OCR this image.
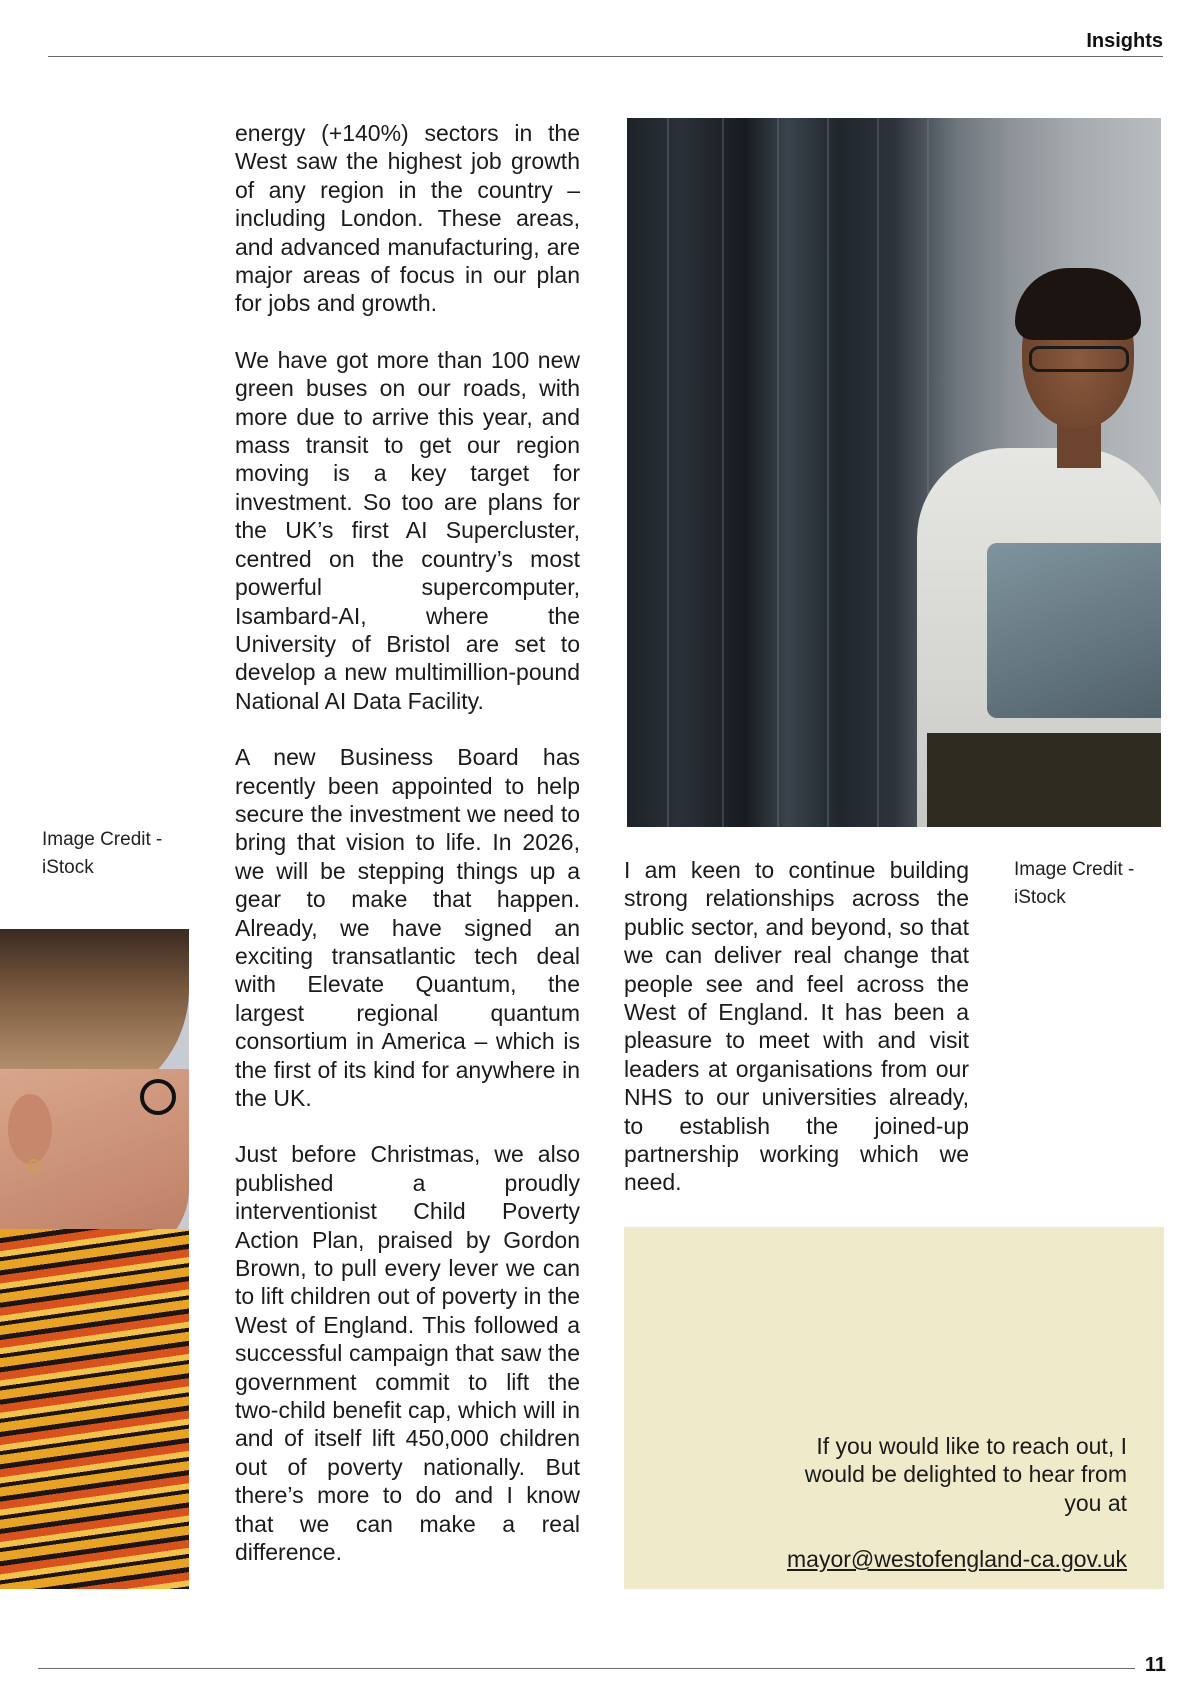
Insights
Image Credit - iStock

energy (+140%) sectors in the West saw the highest job growth of any region in the country – including London. These areas, and advanced manufacturing, are major areas of focus in our plan for jobs and growth.

We have got more than 100 new green buses on our roads, with more due to arrive this year, and mass transit to get our region moving is a key target for investment. So too are plans for the UK’s first AI Supercluster, centred on the country’s most powerful supercomputer, Isambard-AI, where the University of Bristol are set to develop a new multimillion-pound National AI Data Facility.

A new Business Board has recently been appointed to help secure the investment we need to bring that vision to life. In 2026, we will be stepping things up a gear to make that happen. Already, we have signed an exciting transatlantic tech deal with Elevate Quantum, the largest regional quantum consortium in America – which is the first of its kind for anywhere in the UK.

Just before Christmas, we also published a proudly interventionist Child Poverty Action Plan, praised by Gordon Brown, to pull every lever we can to lift children out of poverty in the West of England. This followed a successful campaign that saw the government commit to lift the two-child benefit cap, which will in and of itself lift 450,000 children out of poverty nationally. But there’s more to do and I know that we can make a real difference.

I am keen to continue building strong relationships across the public sector, and beyond, so that we can deliver real change that people see and feel across the West of England. It has been a pleasure to meet with and visit leaders at organisations from our NHS to our universities already, to establish the joined-up partnership working which we need.

Image Credit - iStock

If you would like to reach out, I would be delighted to hear from you at

mayor@westofengland-ca.gov.uk
11
